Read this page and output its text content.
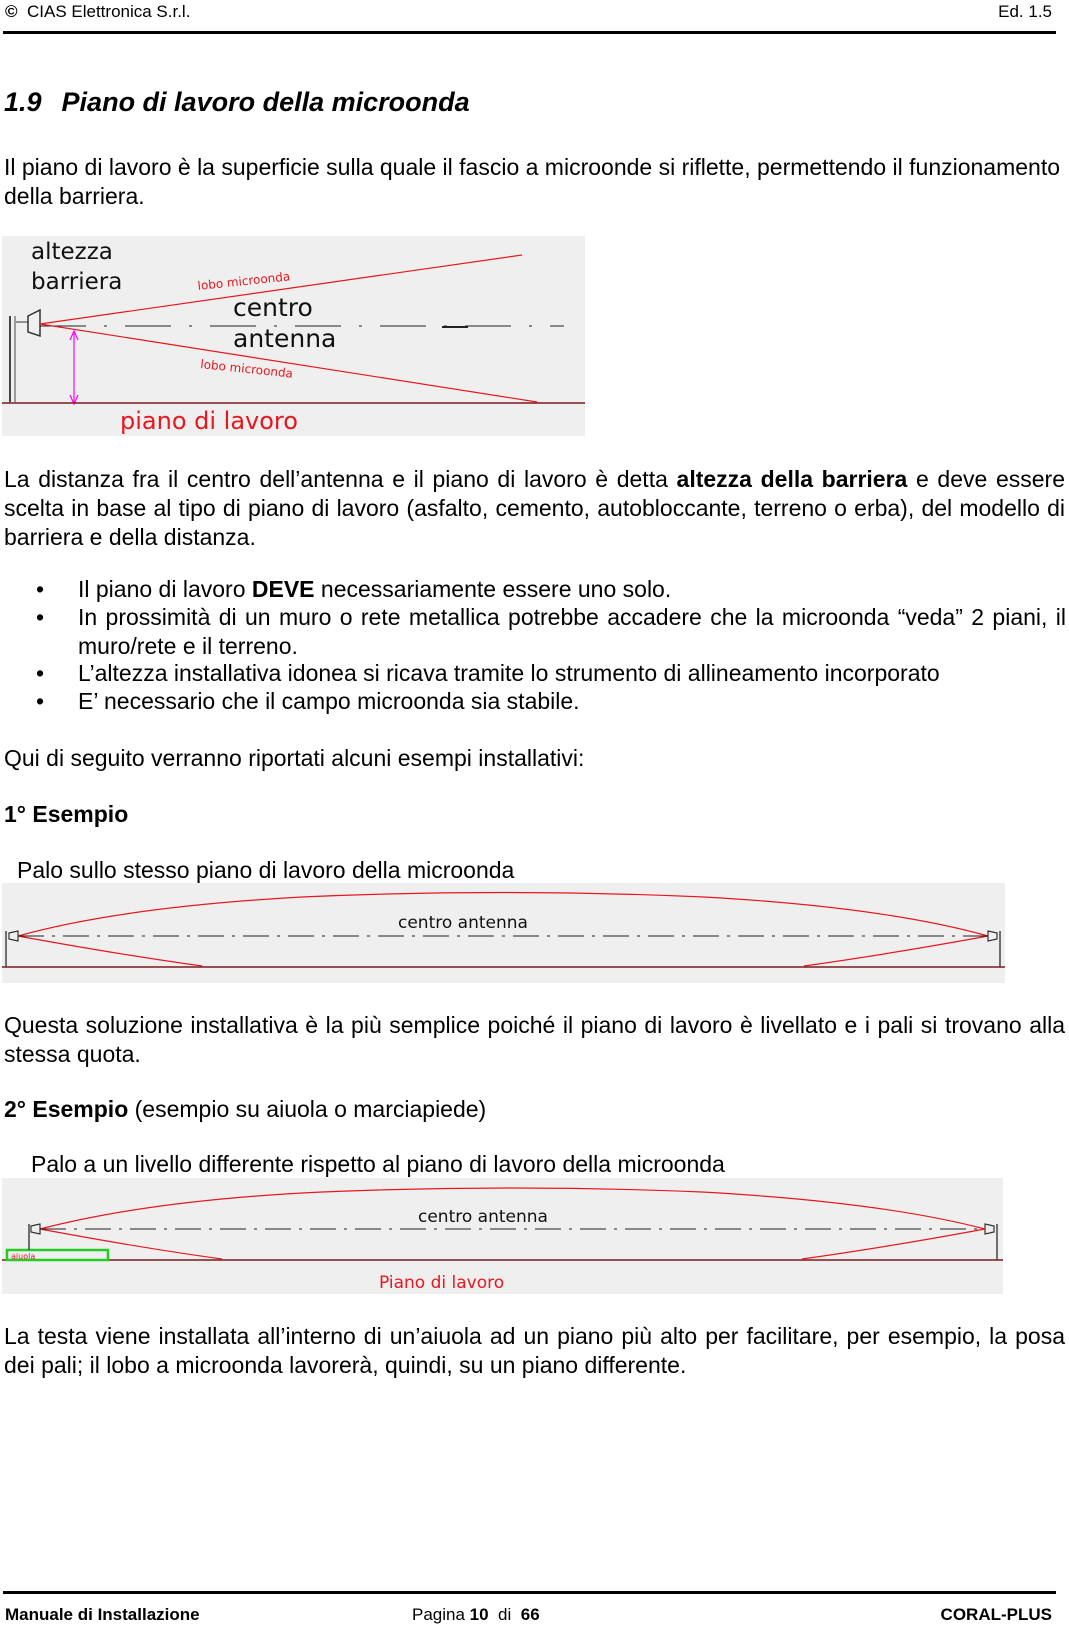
© CIAS Elettronica S.r.l.	Ed. 1.5
1.9 Piano di lavoro della microonda
Il piano di lavoro è la superficie sulla quale il fascio a microonde si riflette, permettendo il funzionamento della barriera.
altezza
barriera	lobo microonda
lobo microonda
centro
antenna
piano di lavoro
La distanza fra il centro dell’antenna e il piano di lavoro è detta altezza della barriera e deve essere scelta in base al tipo di piano di lavoro (asfalto, cemento, autobloccante, terreno o erba), del modello di barriera e della distanza.
• Il piano di lavoro DEVE necessariamente essere uno solo.
• In prossimità di un muro o rete metallica potrebbe accadere che la microonda “veda” 2 piani, il muro/rete e il terreno.
• L’altezza installativa idonea si ricava tramite lo strumento di allineamento incorporato
• E’ necessario che il campo microonda sia stabile.
Qui di seguito verranno riportati alcuni esempi installativi:
1° Esempio
Palo sullo stesso piano di lavoro della microonda
centro antenna
Questa soluzione installativa è la più semplice poiché il piano di lavoro è livellato e i pali si trovano alla stessa quota.
2° Esempio (esempio su aiuola o marciapiede)
Palo a un livello differente rispetto al piano di lavoro della microonda
aiuola
centro antenna
Piano di lavoro
La testa viene installata all’interno di un’aiuola ad un piano più alto per facilitare, per esempio, la posa dei pali; il lobo a microonda lavorerà, quindi, su un piano differente.
Manuale di Installazione	Pagina 10 di 66	CORAL-PLUS
